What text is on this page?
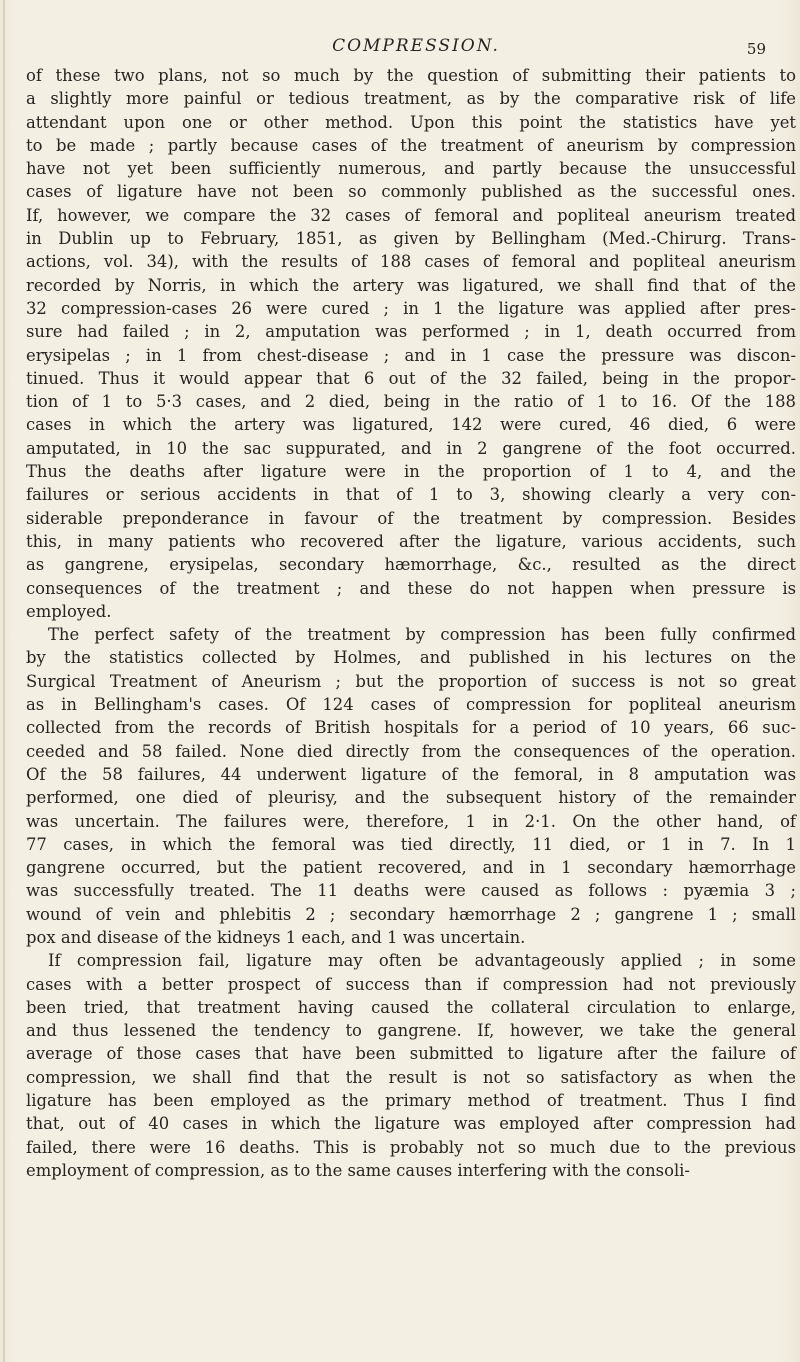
COMPRESSION.	59
of these two plans, not so much by the question of submitting their patients to
a slightly more painful or tedious treatment, as by the comparative risk of life
attendant upon one or other method. Upon this point the statistics have yet
to be made ; partly because cases of the treatment of aneurism by compression
have not yet been sufficiently numerous, and partly because the unsuccessful
cases of ligature have not been so commonly published as the successful ones.
If, however, we compare the 32 cases of femoral and popliteal aneurism treated
in Dublin up to February, 1851, as given by Bellingham (Med.-Chirurg. Trans-
actions, vol. 34), with the results of 188 cases of femoral and popliteal aneurism
recorded by Norris, in which the artery was ligatured, we shall find that of the
32 compression-cases 26 were cured ; in 1 the ligature was applied after pres-
sure had failed ; in 2, amputation was performed ; in 1, death occurred from
erysipelas ; in 1 from chest-disease ; and in 1 case the pressure was discon-
tinued. Thus it would appear that 6 out of the 32 failed, being in the propor-
tion of 1 to 5·3 cases, and 2 died, being in the ratio of 1 to 16. Of the 188
cases in which the artery was ligatured, 142 were cured, 46 died, 6 were
amputated, in 10 the sac suppurated, and in 2 gangrene of the foot occurred.
Thus the deaths after ligature were in the proportion of 1 to 4, and the
failures or serious accidents in that of 1 to 3, showing clearly a very con-
siderable preponderance in favour of the treatment by compression. Besides
this, in many patients who recovered after the ligature, various accidents, such
as gangrene, erysipelas, secondary hæmorrhage, &c., resulted as the direct
consequences of the treatment ; and these do not happen when pressure is
employed.
The perfect safety of the treatment by compression has been fully confirmed
by the statistics collected by Holmes, and published in his lectures on the
Surgical Treatment of Aneurism ; but the proportion of success is not so great
as in Bellingham's cases. Of 124 cases of compression for popliteal aneurism
collected from the records of British hospitals for a period of 10 years, 66 suc-
ceeded and 58 failed. None died directly from the consequences of the operation.
Of the 58 failures, 44 underwent ligature of the femoral, in 8 amputation was
performed, one died of pleurisy, and the subsequent history of the remainder
was uncertain. The failures were, therefore, 1 in 2·1. On the other hand, of
77 cases, in which the femoral was tied directly, 11 died, or 1 in 7. In 1
gangrene occurred, but the patient recovered, and in 1 secondary hæmorrhage
was successfully treated. The 11 deaths were caused as follows : pyæmia 3 ;
wound of vein and phlebitis 2 ; secondary hæmorrhage 2 ; gangrene 1 ; small
pox and disease of the kidneys 1 each, and 1 was uncertain.
If compression fail, ligature may often be advantageously applied ; in some
cases with a better prospect of success than if compression had not previously
been tried, that treatment having caused the collateral circulation to enlarge,
and thus lessened the tendency to gangrene. If, however, we take the general
average of those cases that have been submitted to ligature after the failure of
compression, we shall find that the result is not so satisfactory as when the
ligature has been employed as the primary method of treatment. Thus I find
that, out of 40 cases in which the ligature was employed after compression had
failed, there were 16 deaths. This is probably not so much due to the previous
employment of compression, as to the same causes interfering with the consoli-
